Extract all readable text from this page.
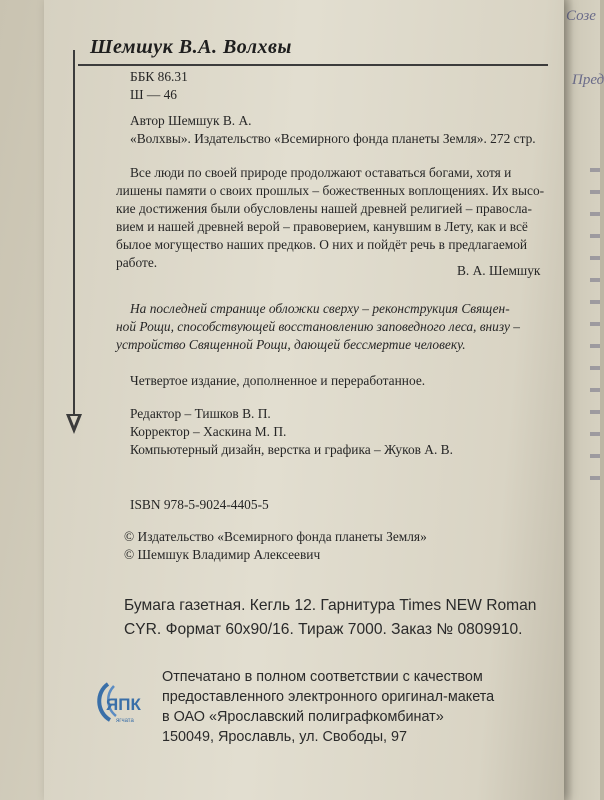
Созе
Пред
Шемшук В.А. Волхвы
ББК 86.31
Ш — 46
Автор Шемшук В. А.
«Волхвы». Издательство «Всемирного фонда планеты Земля». 272 стр.
Все люди по своей природе продолжают оставаться богами, хотя и
лишены памяти о своих прошлых – божественных воплощениях. Их высо-
кие достижения были обусловлены нашей древней религией – правосла-
вием и нашей древней верой – правоверием, канувшим в Лету, как и всё
былое могущество наших предков. О них и пойдёт речь в предлагаемой
работе.
В. А. Шемшук
На последней странице обложки сверху – реконструкция Священ-
ной Рощи, способствующей восстановлению заповедного леса, внизу –
устройство Священной Рощи, дающей бессмертие человеку.
Четвертое издание, дополненное и переработанное.
Редактор – Тишков В. П.
Корректор – Хаскина М. П.
Компьютерный дизайн, верстка и графика – Жуков А. В.
ISBN 978-5-9024-4405-5
© Издательство «Всемирного фонда планеты Земля»
© Шемшук Владимир Алексеевич
Бумага газетная. Кегль 12. Гарнитура Times NEW Roman
CYR. Формат 60х90/16. Тираж 7000. Заказ № 0809910.
Отпечатано в полном соответствии с качеством
предоставленного электронного оригинал-макета
в ОАО «Ярославский полиграфкомбинат»
150049, Ярославль, ул. Свободы, 97
ЯПК
ягчата
